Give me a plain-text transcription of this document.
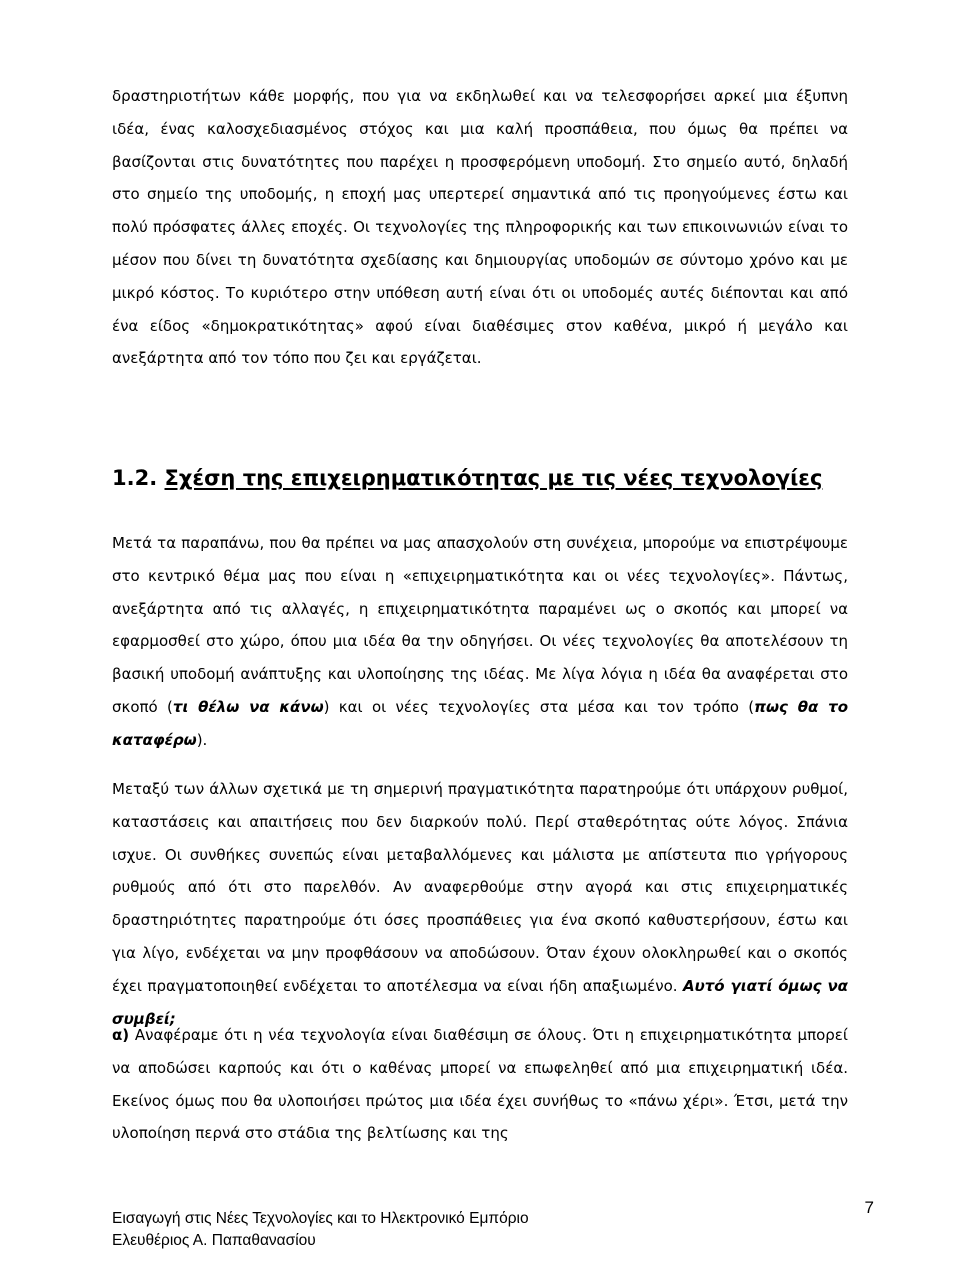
δραστηριοτήτων κάθε μορφής, που για να εκδηλωθεί και να τελεσφορήσει αρκεί μια έξυπνη ιδέα, ένας καλοσχεδιασμένος στόχος και μια καλή προσπάθεια, που όμως θα πρέπει να βασίζονται στις δυνατότητες που παρέχει η προσφερόμενη υποδομή. Στο σημείο αυτό, δηλαδή στο σημείο της υποδομής, η εποχή μας υπερτερεί σημαντικά από τις προηγούμενες έστω και πολύ πρόσφατες άλλες εποχές. Οι τεχνολογίες της πληροφορικής και των επικοινωνιών είναι το μέσον που δίνει τη δυνατότητα σχεδίασης και δημιουργίας υποδομών σε σύντομο χρόνο και με μικρό κόστος. Το κυριότερο στην υπόθεση αυτή είναι ότι οι υποδομές αυτές διέπονται και από ένα είδος «δημοκρατικότητας» αφού είναι διαθέσιμες στον καθένα, μικρό ή μεγάλο και ανεξάρτητα από τον τόπο που ζει και εργάζεται.

1.2. Σχέση της επιχειρηματικότητας με τις νέες τεχνολογίες

Μετά τα παραπάνω, που θα πρέπει να μας απασχολούν στη συνέχεια, μπορούμε να επιστρέψουμε στο κεντρικό θέμα μας που είναι η «επιχειρηματικότητα και οι νέες τεχνολογίες». Πάντως, ανεξάρτητα από τις αλλαγές, η επιχειρηματικότητα παραμένει ως ο σκοπός και μπορεί να εφαρμοσθεί στο χώρο, όπου μια ιδέα θα την οδηγήσει. Οι νέες τεχνολογίες θα αποτελέσουν τη βασική υποδομή ανάπτυξης και υλοποίησης της ιδέας. Με λίγα λόγια η ιδέα θα αναφέρεται στο σκοπό (τι θέλω να κάνω) και οι νέες τεχνολογίες στα μέσα και τον τρόπο (πως θα το καταφέρω).

Μεταξύ των άλλων σχετικά με τη σημερινή πραγματικότητα παρατηρούμε ότι υπάρχουν ρυθμοί, καταστάσεις και απαιτήσεις που δεν διαρκούν πολύ. Περί σταθερότητας ούτε λόγος. Σπάνια ισχυε. Οι συνθήκες συνεπώς είναι μεταβαλλόμενες και μάλιστα με απίστευτα πιο γρήγορους ρυθμούς από ότι στο παρελθόν. Αν αναφερθούμε στην αγορά και στις επιχειρηματικές δραστηριότητες παρατηρούμε ότι όσες προσπάθειες για ένα σκοπό καθυστερήσουν, έστω και για λίγο, ενδέχεται να μην προφθάσουν να αποδώσουν. Όταν έχουν ολοκληρωθεί και ο σκοπός έχει πραγματοποιηθεί ενδέχεται το αποτέλεσμα να είναι ήδη απαξιωμένο. Αυτό γιατί όμως να συμβεί;

α) Αναφέραμε ότι η νέα τεχνολογία είναι διαθέσιμη σε όλους. Ότι η επιχειρηματικότητα μπορεί να αποδώσει καρπούς και ότι ο καθένας μπορεί να επωφεληθεί από μια επιχειρηματική ιδέα. Εκείνος όμως που θα υλοποιήσει πρώτος μια ιδέα έχει συνήθως το «πάνω χέρι». Έτσι, μετά την υλοποίηση περνά στο στάδια της βελτίωσης και της

Εισαγωγή στις Νέες Τεχνολογίες και το Ηλεκτρονικό Εμπόριο
Ελευθέριος Α. Παπαθανασίου
7
